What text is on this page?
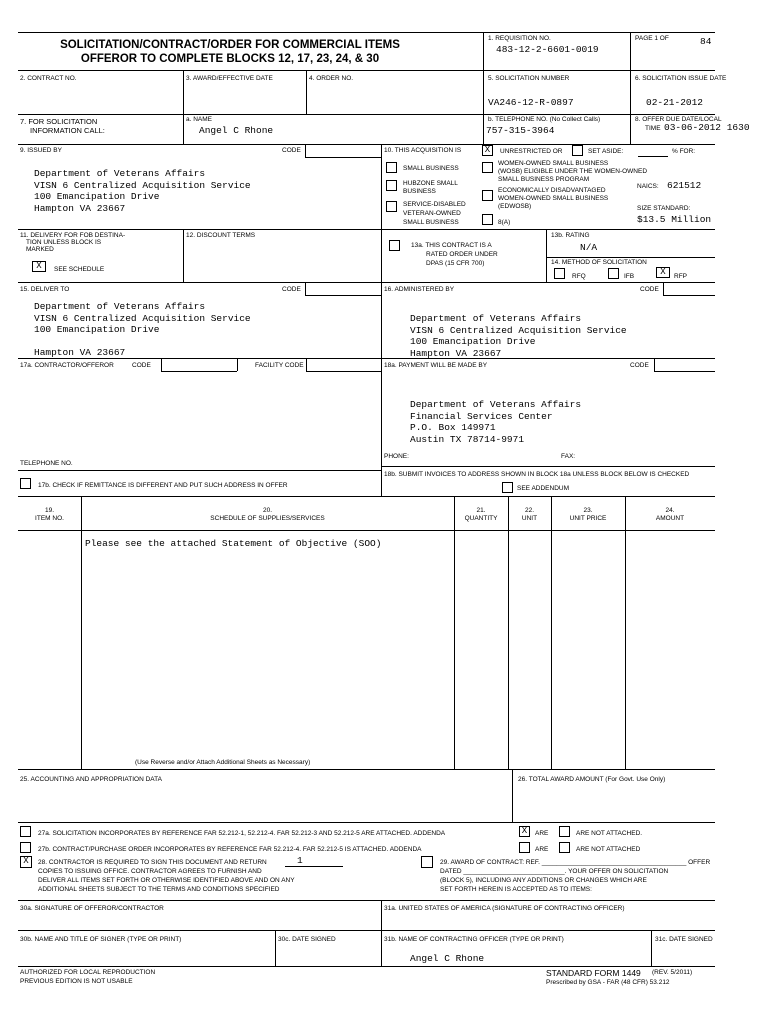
SOLICITATION/CONTRACT/ORDER FOR COMMERCIAL ITEMS
OFFEROR TO COMPLETE BLOCKS 12, 17, 23, 24, & 30
1. REQUISITION NO.
483-12-2-6601-0019
PAGE 1 OF	84
2. CONTRACT NO.	3. AWARD/EFFECTIVE DATE	4. ORDER NO.	5. SOLICITATION NUMBER
VA246-12-R-0897
6. SOLICITATION ISSUE DATE
02-21-2012
7. FOR SOLICITATION
INFORMATION CALL:
a. NAME
Angel C Rhone
b. TELEPHONE NO. (No Collect Calls)
757-315-3964
8. OFFER DUE DATE/LOCAL
TIME 03-06-2012 1630
9. ISSUED BY	CODE
Department of Veterans Affairs
VISN 6 Centralized Acquisition Service
100 Emancipation Drive
Hampton VA 23667
10. THIS ACQUISITION IS	X	UNRESTRICTED OR	SET ASIDE:	% FOR:
SMALL BUSINESS
HUBZONE SMALL
BUSINESS
SERVICE-DISABLED
VETERAN-OWNED
SMALL BUSINESS
WOMEN-OWNED SMALL BUSINESS
(WOSB) ELIGIBLE UNDER THE WOMEN-OWNED
SMALL BUSINESS PROGRAM
ECONOMICALLY DISADVANTAGED
WOMEN-OWNED SMALL BUSINESS
(EDWOSB)
8(A)
NAICS: 621512
SIZE STANDARD:
$13.5 Million
11. DELIVERY FOR FOB DESTINA-
TION UNLESS BLOCK IS
MARKED
X	SEE SCHEDULE
12. DISCOUNT TERMS
13a. THIS CONTRACT IS A
RATED ORDER UNDER
DPAS (15 CFR 700)
13b. RATING
N/A
14. METHOD OF SOLICITATION
RFQ	IFB	X	RFP
15. DELIVER TO	CODE
Department of Veterans Affairs
VISN 6 Centralized Acquisition Service
100 Emancipation Drive

Hampton VA 23667
16. ADMINISTERED BY	CODE
Department of Veterans Affairs
VISN 6 Centralized Acquisition Service
100 Emancipation Drive
Hampton VA 23667
17a. CONTRACTOR/OFFEROR	CODE	FACILITY CODE
TELEPHONE NO.
17b. CHECK IF REMITTANCE IS DIFFERENT AND PUT SUCH ADDRESS IN OFFER
18a. PAYMENT WILL BE MADE BY	CODE
Department of Veterans Affairs
Financial Services Center
P.O. Box 149971
Austin TX 78714-9971
PHONE:	FAX:
18b. SUBMIT INVOICES TO ADDRESS SHOWN IN BLOCK 18a UNLESS BLOCK BELOW IS CHECKED
SEE ADDENDUM
19.
ITEM NO.
20.
SCHEDULE OF SUPPLIES/SERVICES
21.
QUANTITY
22.
UNIT
23.
UNIT PRICE
24.
AMOUNT
Please see the attached Statement of Objective (SOO)
(Use Reverse and/or Attach Additional Sheets as Necessary)
25. ACCOUNTING AND APPROPRIATION DATA	26. TOTAL AWARD AMOUNT (For Govt. Use Only)
27a. SOLICITATION INCORPORATES BY REFERENCE FAR 52.212-1, 52.212-4. FAR 52.212-3 AND 52.212-5 ARE ATTACHED. ADDENDA	X	ARE	ARE NOT ATTACHED.
27b. CONTRACT/PURCHASE ORDER INCORPORATES BY REFERENCE FAR 52.212-4. FAR 52.212-5 IS ATTACHED. ADDENDA	ARE	ARE NOT ATTACHED
X	28. CONTRACTOR IS REQUIRED TO SIGN THIS DOCUMENT AND RETURN	1
COPIES TO ISSUING OFFICE. CONTRACTOR AGREES TO FURNISH AND
DELIVER ALL ITEMS SET FORTH OR OTHERWISE IDENTIFIED ABOVE AND ON ANY
ADDITIONAL SHEETS SUBJECT TO THE TERMS AND CONDITIONS SPECIFIED
29. AWARD OF CONTRACT: REF. ________________________________________ OFFER
DATED ____________________________. YOUR OFFER ON SOLICITATION
(BLOCK 5), INCLUDING ANY ADDITIONS OR CHANGES WHICH ARE
SET FORTH HEREIN IS ACCEPTED AS TO ITEMS:
30a. SIGNATURE OF OFFEROR/CONTRACTOR	31a. UNITED STATES OF AMERICA (SIGNATURE OF CONTRACTING OFFICER)
30b. NAME AND TITLE OF SIGNER (TYPE OR PRINT)	30c. DATE SIGNED	31b. NAME OF CONTRACTING OFFICER (TYPE OR PRINT)	31c. DATE SIGNED
Angel C Rhone
AUTHORIZED FOR LOCAL REPRODUCTION
PREVIOUS EDITION IS NOT USABLE
STANDARD FORM 1449 (REV. 5/2011)
Prescribed by GSA - FAR (48 CFR) 53.212
